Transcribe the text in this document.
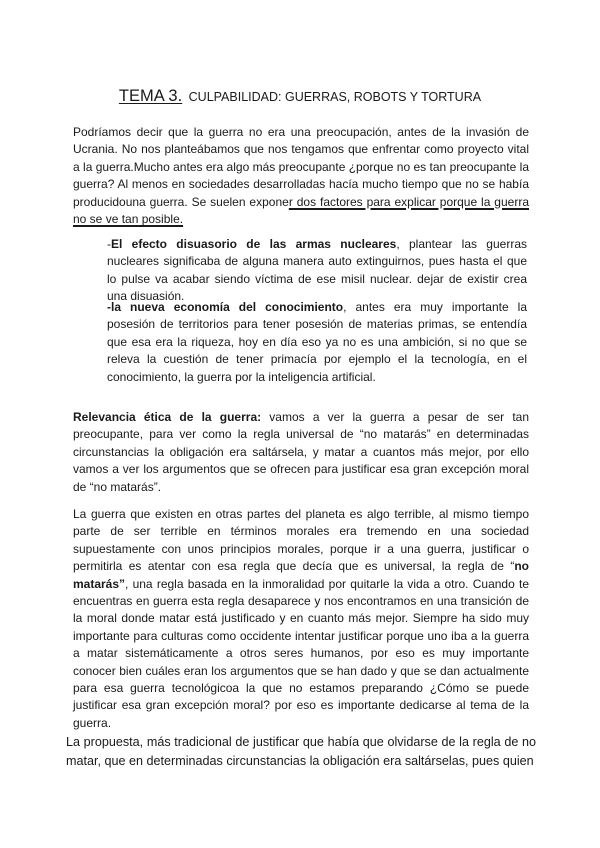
TEMA 3. CULPABILIDAD: GUERRAS, ROBOTS Y TORTURA

Podríamos decir que la guerra no era una preocupación, antes de la invasión de Ucrania. No nos planteábamos que nos tengamos que enfrentar como proyecto vital a la guerra.Mucho antes era algo más preocupante ¿porque no es tan preocupante la guerra? Al menos en sociedades desarrolladas hacía mucho tiempo que no se había producidouna guerra. Se suelen exponer dos factores para explicar porque la guerra no se ve tan posible.

-El efecto disuasorio de las armas nucleares, plantear las guerras nucleares significaba de alguna manera auto extinguirnos, pues hasta el que lo pulse va acabar siendo víctima de ese misil nuclear. dejar de existir crea una disuasión.

-la nueva economía del conocimiento, antes era muy importante la posesión de territorios para tener posesión de materias primas, se entendía que esa era la riqueza, hoy en día eso ya no es una ambición, si no que se releva la cuestión de tener primacía por ejemplo el la tecnología, en el conocimiento, la guerra por la inteligencia artificial.

Relevancia ética de la guerra: vamos a ver la guerra a pesar de ser tan preocupante, para ver como la regla universal de “no matarás” en determinadas circunstancias la obligación era saltársela, y matar a cuantos más mejor, por ello vamos a ver los argumentos que se ofrecen para justificar esa gran excepción moral de “no matarás”.

La guerra que existen en otras partes del planeta es algo terrible, al mismo tiempo parte de ser terrible en términos morales era tremendo en una sociedad supuestamente con unos principios morales, porque ir a una guerra, justificar o permitirla es atentar con esa regla que decía que es universal, la regla de “no matarás”, una regla basada en la inmoralidad por quitarle la vida a otro. Cuando te encuentras en guerra esta regla desaparece y nos encontramos en una transición de la moral donde matar está justificado y en cuanto más mejor. Siempre ha sido muy importante para culturas como occidente intentar justificar porque uno iba a la guerra a matar sistemáticamente a otros seres humanos, por eso es muy importante conocer bien cuáles eran los argumentos que se han dado y que se dan actualmente para esa guerra tecnológicoa la que no estamos preparando ¿Cómo se puede justificar esa gran excepción moral? por eso es importante dedicarse al tema de la guerra.

La propuesta, más tradicional de justificar que había que olvidarse de la regla de no matar, que en determinadas circunstancias la obligación era saltárselas, pues quien
